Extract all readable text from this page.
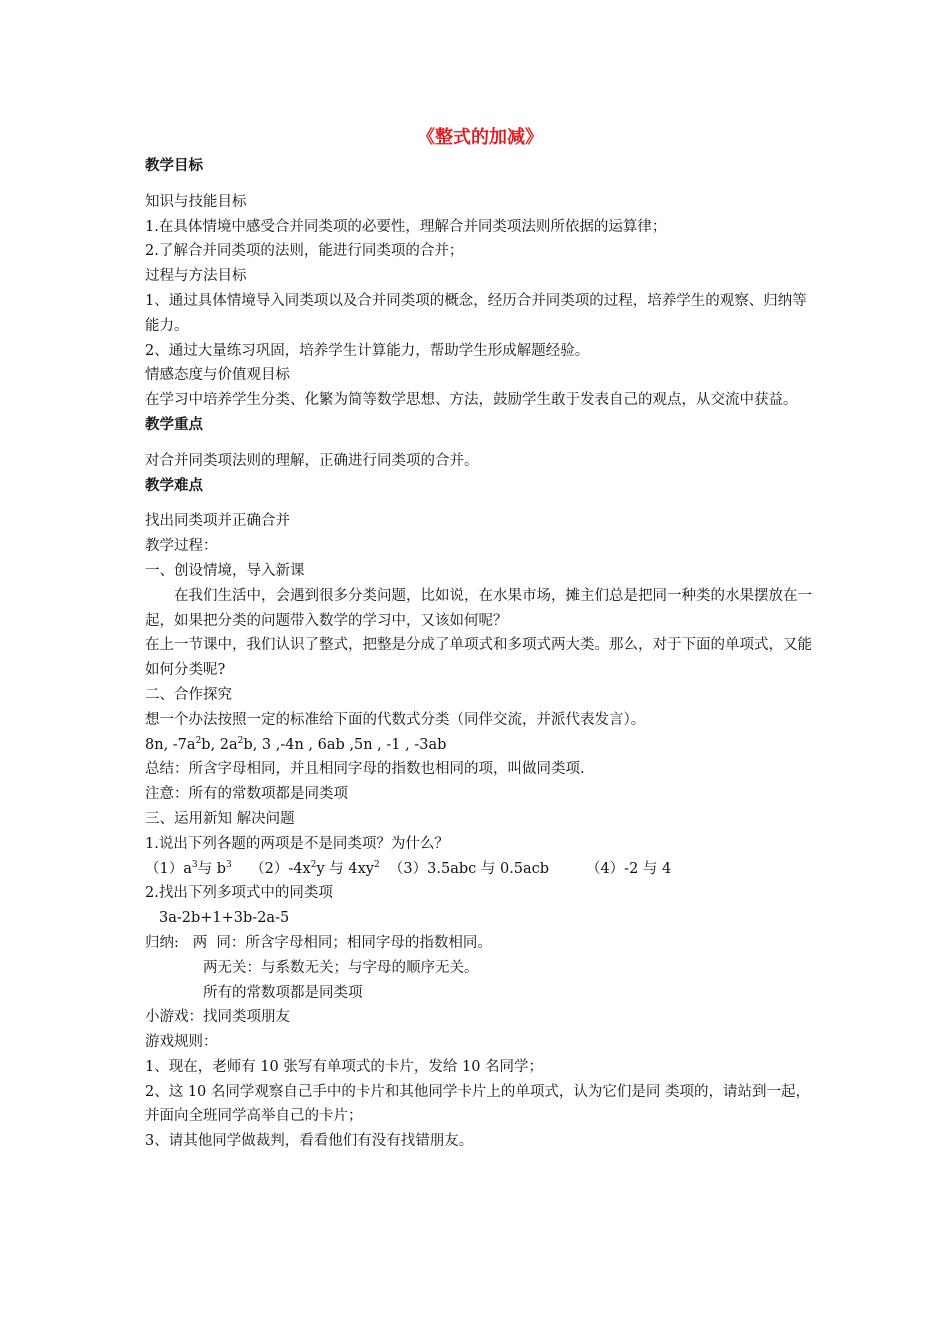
《整式的加减》

教学目标

知识与技能目标

1.在具体情境中感受合并同类项的必要性，理解合并同类项法则所依据的运算律；

2.了解合并同类项的法则，能进行同类项的合并；

过程与方法目标

1、通过具体情境导入同类项以及合并同类项的概念，经历合并同类项的过程，培养学生的观察、归纳等能力。

2、通过大量练习巩固，培养学生计算能力，帮助学生形成解题经验。

情感态度与价值观目标

在学习中培养学生分类、化繁为简等数学思想、方法，鼓励学生敢于发表自己的观点，从交流中获益。

教学重点

对合并同类项法则的理解，正确进行同类项的合并。

教学难点

找出同类项并正确合并

教学过程：

一、创设情境，导入新课

在我们生活中，会遇到很多分类问题，比如说，在水果市场，摊主们总是把同一种类的水果摆放在一起，如果把分类的问题带入数学的学习中，又该如何呢？

在上一节课中，我们认识了整式，把整是分成了单项式和多项式两大类。那么，对于下面的单项式，又能如何分类呢?

二、合作探究

想一个办法按照一定的标准给下面的代数式分类（同伴交流，并派代表发言）。

8n, $-7a^2b$, $2a^2b$, 3 ,-4n , 6ab ,5n , -1 , -3ab

总结：所含字母相同，并且相同字母的指数也相同的项，叫做同类项.

注意：所有的常数项都是同类项

三、运用新知 解决问题

1.说出下列各题的两项是不是同类项？为什么？

$(1)a^3$与 $b^3$    $(2)-4x^2y$ 与 $4xy^2$  （3）3.5abc 与 0.5acb        （4）-2 与 4

2.找出下列多项式中的同类项

3a-2b+1+3b-2a-5

归纳:   两  同：所含字母相同；相同字母的指数相同。

两无关：与系数无关；与字母的顺序无关。

所有的常数项都是同类项

小游戏：找同类项朋友

游戏规则：

1、现在，老师有 10 张写有单项式的卡片，发给 10 名同学；

2、这 10 名同学观察自己手中的卡片和其他同学卡片上的单项式，认为它们是同 类项的，请站到一起，并面向全班同学高举自己的卡片；

3、请其他同学做裁判，看看他们有没有找错朋友。
